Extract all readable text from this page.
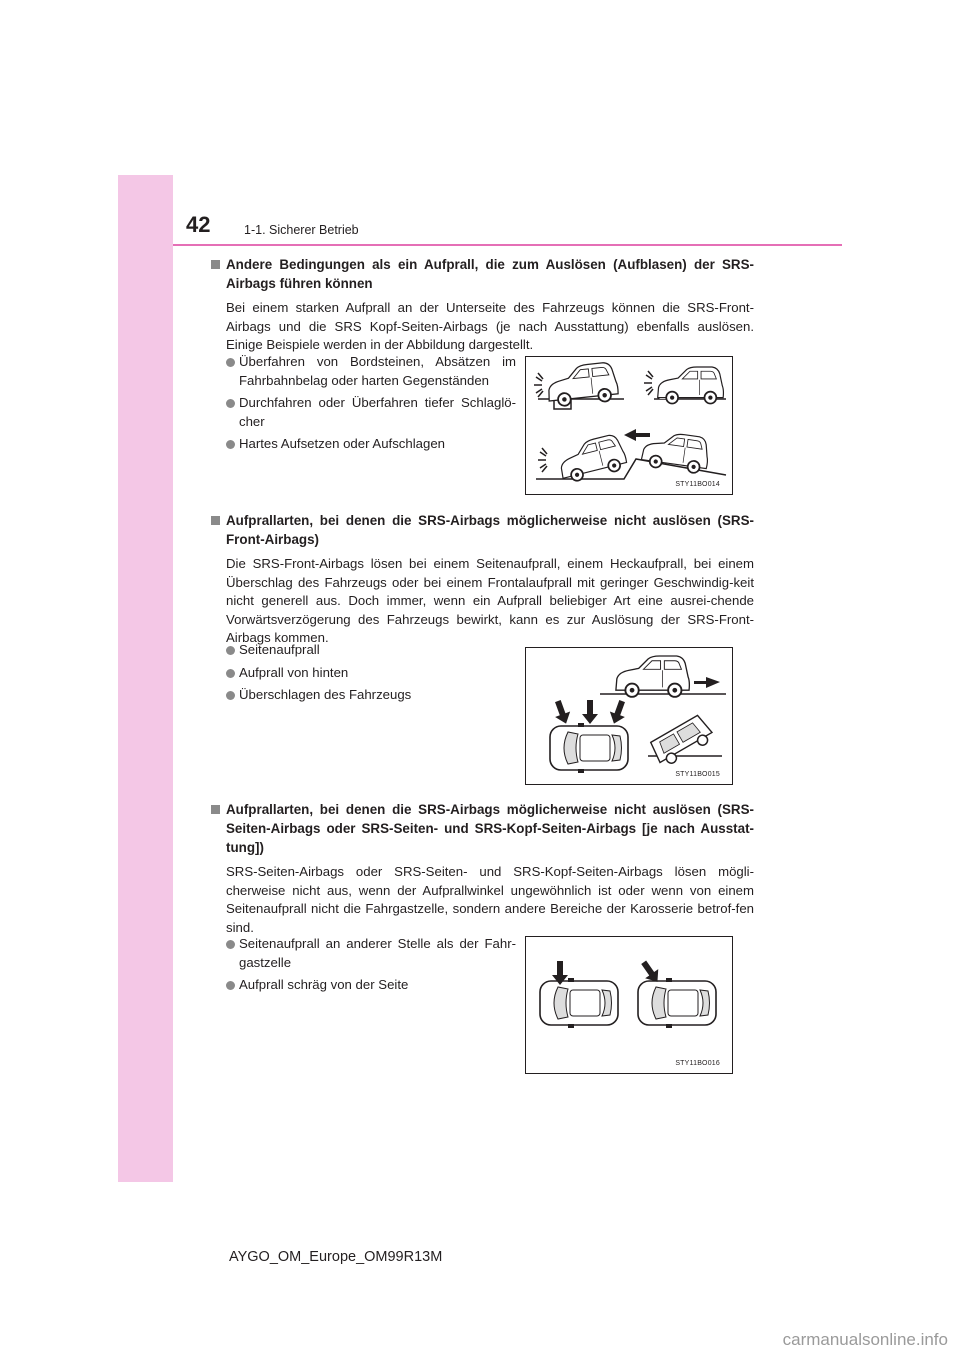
42	1-1. Sicherer Betrieb
Andere Bedingungen als ein Aufprall, die zum Auslösen (Aufblasen) der SRS-Airbags führen können
Bei einem starken Aufprall an der Unterseite des Fahrzeugs können die SRS-Front-Airbags und die SRS Kopf-Seiten-Airbags (je nach Ausstattung) ebenfalls auslösen. Einige Beispiele werden in der Abbildung dargestellt.
Überfahren von Bordsteinen, Absätzen im Fahrbahnbelag oder harten Gegenständen
Durchfahren oder Überfahren tiefer Schlaglö-cher
Hartes Aufsetzen oder Aufschlagen
STY11BO014
Aufprallarten, bei denen die SRS-Airbags möglicherweise nicht auslösen (SRS-Front-Airbags)
Die SRS-Front-Airbags lösen bei einem Seitenaufprall, einem Heckaufprall, bei einem Überschlag des Fahrzeugs oder bei einem Frontalaufprall mit geringer Geschwindig-keit nicht generell aus. Doch immer, wenn ein Aufprall beliebiger Art eine ausrei-chende Vorwärtsverzögerung des Fahrzeugs bewirkt, kann es zur Auslösung der SRS-Front-Airbags kommen.
Seitenaufprall
Aufprall von hinten
Überschlagen des Fahrzeugs
STY11BO015
Aufprallarten, bei denen die SRS-Airbags möglicherweise nicht auslösen (SRS-Seiten-Airbags oder SRS-Seiten- und SRS-Kopf-Seiten-Airbags [je nach Ausstat-tung])
SRS-Seiten-Airbags oder SRS-Seiten- und SRS-Kopf-Seiten-Airbags lösen mögli-cherweise nicht aus, wenn der Aufprallwinkel ungewöhnlich ist oder wenn von einem Seitenaufprall nicht die Fahrgastzelle, sondern andere Bereiche der Karosserie betrof-fen sind.
Seitenaufprall an anderer Stelle als der Fahr-gastzelle
Aufprall schräg von der Seite
STY11BO016
AYGO_OM_Europe_OM99R13M
carmanualsonline.info
